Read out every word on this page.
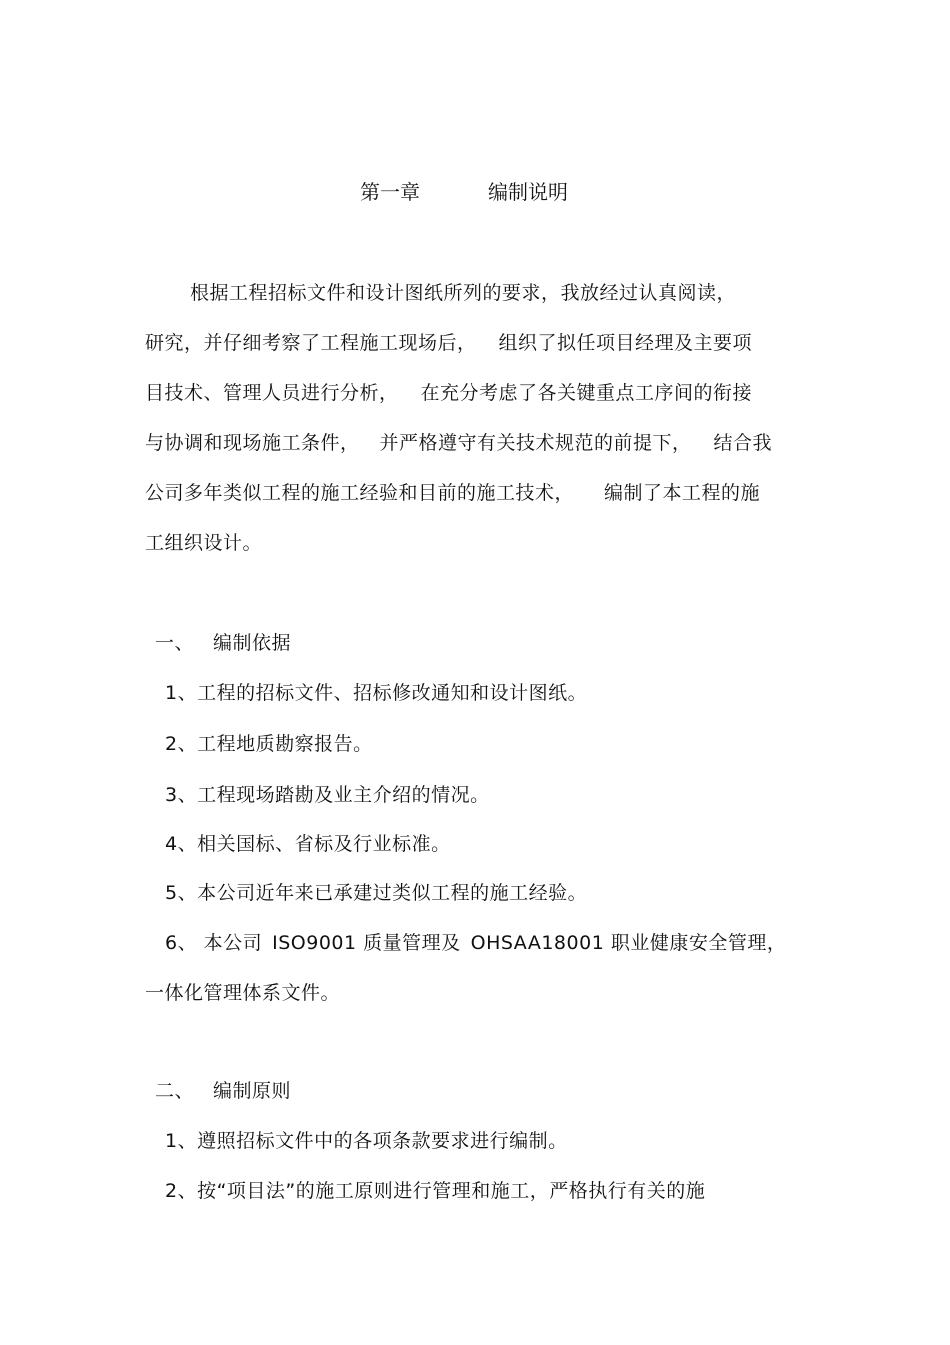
第一章	编制说明
根据工程招标文件和设计图纸所列的要求，我放经过认真阅读，
研究，并仔细考察了工程施工现场后， 组织了拟任项目经理及主要项
目技术、管理人员进行分析， 在充分考虑了各关键重点工序间的衔接
与协调和现场施工条件， 并严格遵守有关技术规范的前提下， 结合我
公司多年类似工程的施工经验和目前的施工技术， 编制了本工程的施
工组织设计。
一、 编制依据
1、工程的招标文件、招标修改通知和设计图纸。
2、工程地质勘察报告。
3、工程现场踏勘及业主介绍的情况。
4、相关国标、省标及行业标准。
5、本公司近年来已承建过类似工程的施工经验。
6、 本公司 ISO9001 质量管理及 OHSAA18001 职业健康安全管理，
一体化管理体系文件。
二、 编制原则
1、遵照招标文件中的各项条款要求进行编制。
2、按“项目法”的施工原则进行管理和施工，严格执行有关的施
